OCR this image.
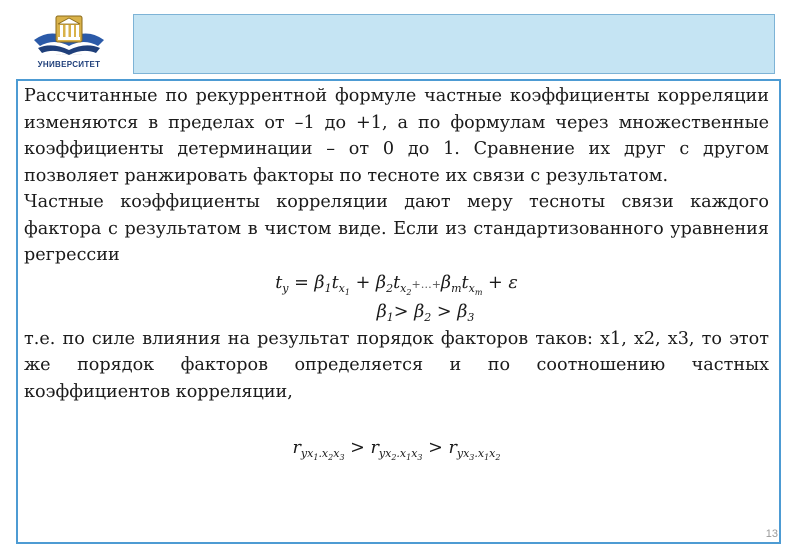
····· ·········· ·········
УНИВЕРСИТЕТ

Рассчитанные по рекуррентной формуле частные коэффициенты корреляции изменяются в пределах от –1 до +1, а по формулам через множественные коэффициенты детерминации – от 0 до 1. Сравнение их друг с другом позволяет ранжировать факторы по тесноте их связи с результатом.

Частные коэффициенты корреляции дают меру тесноты связи каждого фактора с результатом в чистом виде. Если из стандартизованного уравнения регрессии

$t_y = \beta_1t_{x_1}$ + $\beta_2t_{x_2}+\dots+\beta_mt_{x_m} + \varepsilon$
$\beta_1> \beta_2 > \beta_3$

т.е. по силе влияния на результат порядок факторов таков: x1, x2, x3, то этот же порядок факторов определяется и по соотношению частных коэффициентов корреляции,

$r_{yx_1.x_2x_3} > r_{yx_2.x_1x_3} > r_{yx_3.x_1x_2}$
13
